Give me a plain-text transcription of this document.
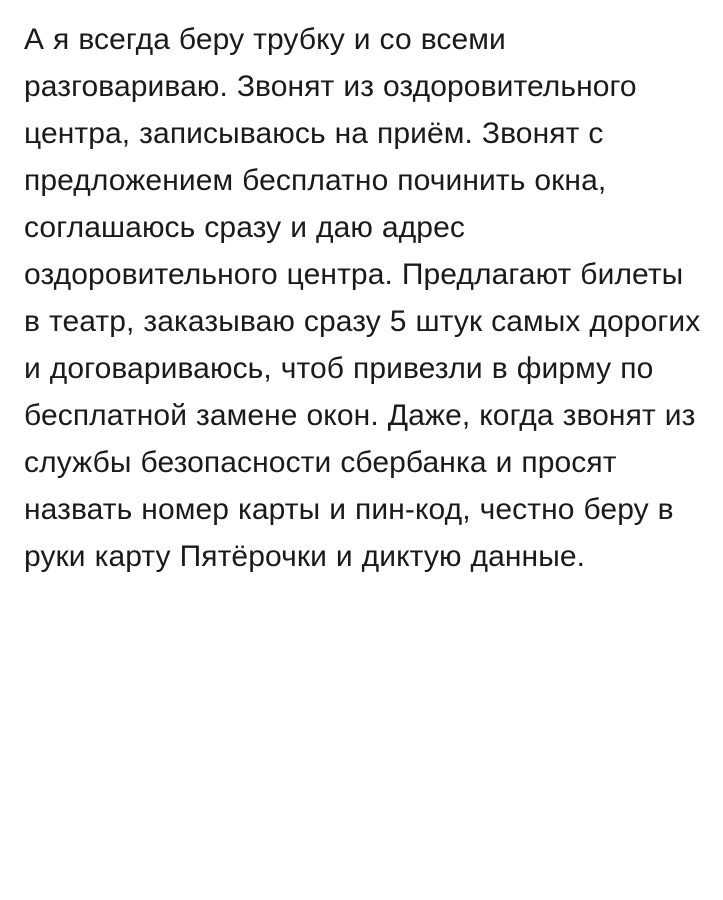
А я всегда беру трубку и со всеми разговариваю. Звонят из оздоровительного центра, записываюсь на приём. Звонят с предложением бесплатно починить окна, соглашаюсь сразу и даю адрес оздоровительного центра. Предлагают билеты в театр, заказываю сразу 5 штук самых дорогих и договариваюсь, чтоб привезли в фирму по бесплатной замене окон. Даже, когда звонят из службы безопасности сбербанка и просят назвать номер карты и пин-код, честно беру в руки карту Пятёрочки и диктую данные.
